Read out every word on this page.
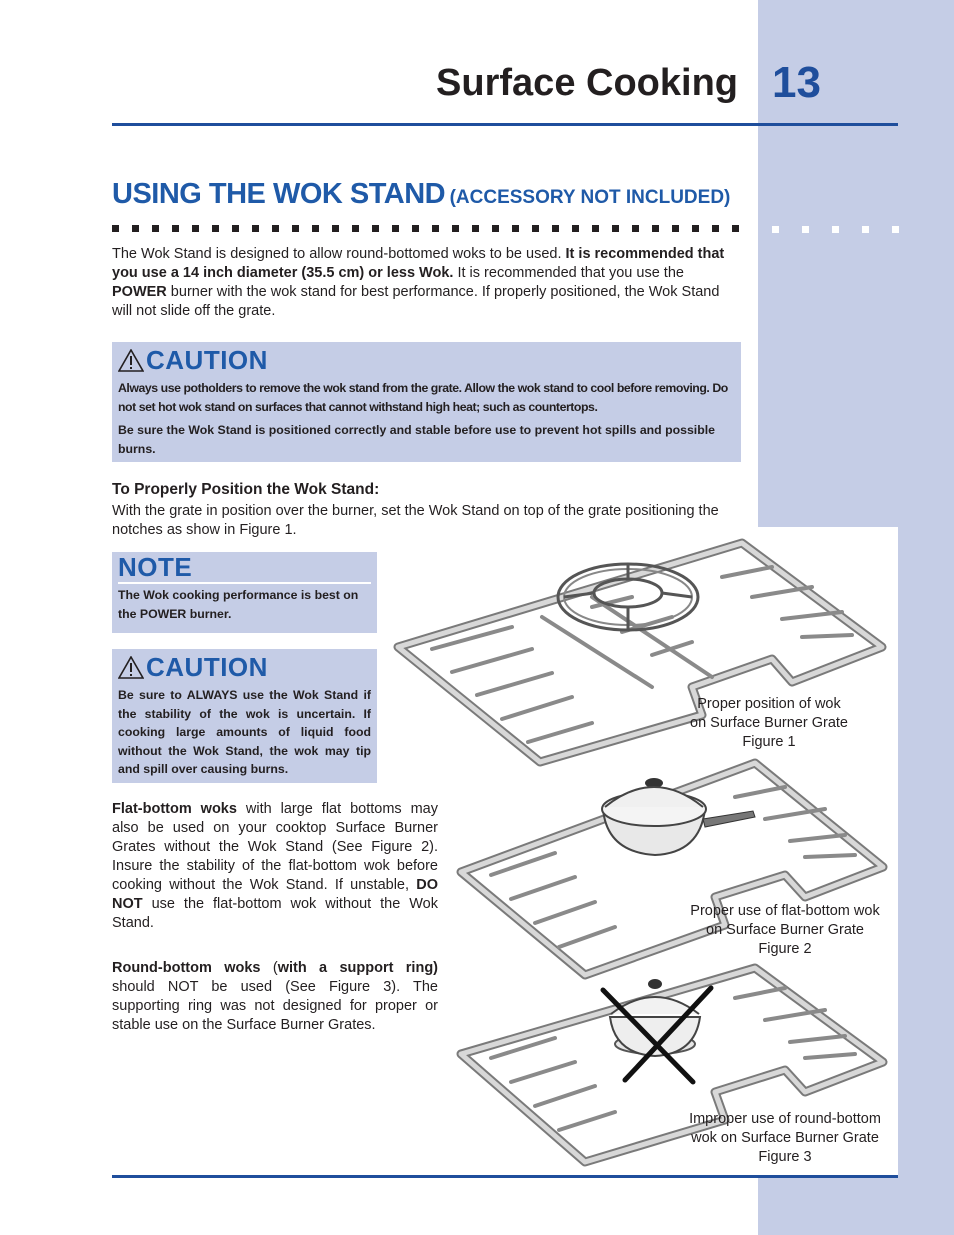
Surface Cooking 13
USING THE WOK STAND (ACCESSORY NOT INCLUDED)
The Wok Stand is designed to allow round-bottomed woks to be used. It is recommended that you use a 14 inch diameter (35.5 cm) or less Wok. It is recommended that you use the POWER burner with the wok stand for best performance. If properly positioned, the Wok Stand will not slide off the grate.
CAUTION
Always use potholders to remove the wok stand from the grate. Allow the wok stand to cool before removing. Do not set hot wok stand on surfaces that cannot withstand high heat; such as countertops.
Be sure the Wok Stand is positioned correctly and stable before use to prevent hot spills and possible burns.
To Properly Position the Wok Stand:
With the grate in position over the burner, set the Wok Stand on top of the grate positioning the notches as show in Figure 1.
NOTE
The Wok cooking performance is best on the POWER burner.
CAUTION
Be sure to ALWAYS use the Wok Stand if the stability of the wok is uncertain. If cooking large amounts of liquid food without the Wok Stand, the wok may tip and spill over causing burns.
Flat-bottom woks with large flat bottoms may also be used on your cooktop Surface Burner Grates without the Wok Stand (See Figure 2). Insure the stability of the flat-bottom wok before cooking without the Wok Stand. If unstable, DO NOT use the flat-bottom wok without the Wok Stand.
Round-bottom woks (with a support ring) should NOT be used (See Figure 3). The supporting ring was not designed for proper or stable use on the Surface Burner Grates.
Proper position of wok
on Surface Burner Grate
Figure 1
Proper use of flat-bottom wok
on Surface Burner Grate
Figure 2
Improper use of round-bottom
wok on Surface Burner Grate
Figure 3
